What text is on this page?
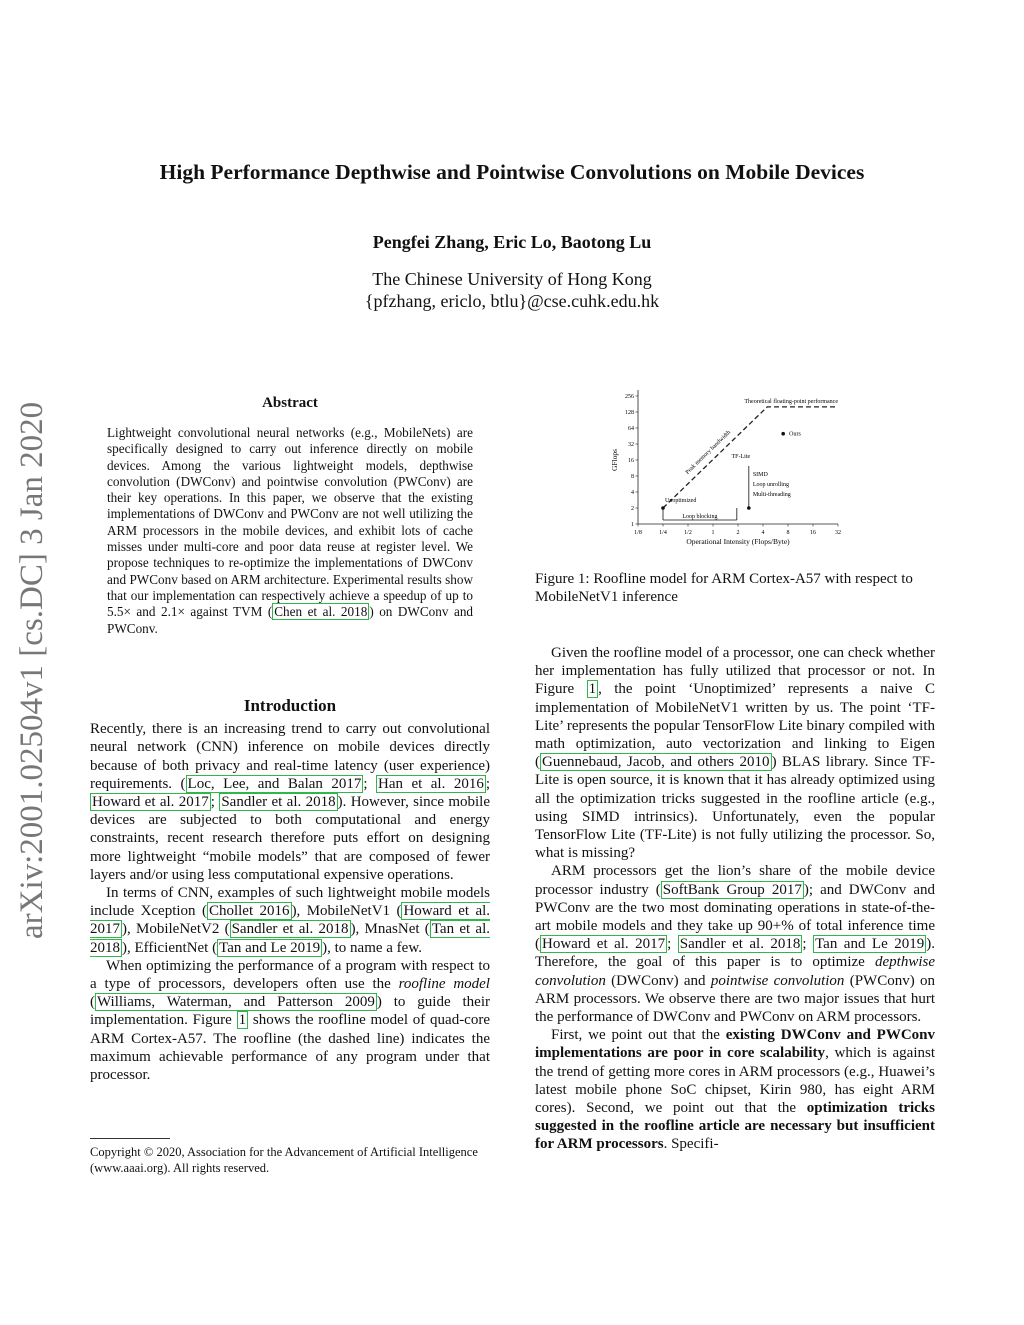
arXiv:2001.02504v1 [cs.DC] 3 Jan 2020
High Performance Depthwise and Pointwise Convolutions on Mobile Devices
Pengfei Zhang, Eric Lo, Baotong Lu
The Chinese University of Hong Kong
{pfzhang, ericlo, btlu}@cse.cuhk.edu.hk
Abstract
Lightweight convolutional neural networks (e.g., MobileNets) are specifically designed to carry out inference directly on mobile devices. Among the various lightweight models, depthwise convolution (DWConv) and pointwise convolution (PWConv) are their key operations. In this paper, we observe that the existing implementations of DWConv and PWConv are not well utilizing the ARM processors in the mobile devices, and exhibit lots of cache misses under multi-core and poor data reuse at register level. We propose techniques to re-optimize the implementations of DWConv and PWConv based on ARM architecture. Experimental results show that our implementation can respectively achieve a speedup of up to 5.5× and 2.1× against TVM ( Chen et al. 2018 ) on DWConv and PWConv.
Introduction

Recently, there is an increasing trend to carry out convolutional neural network (CNN) inference on mobile devices directly because of both privacy and real-time latency (user experience) requirements. ( Loc, Lee, and Balan 2017 ; Han et al. 2016 ; Howard et al. 2017 ; Sandler et al. 2018 ). However, since mobile devices are subjected to both computational and energy constraints, recent research therefore puts effort on designing more lightweight “mobile models” that are composed of fewer layers and/or using less computational expensive operations.

In terms of CNN, examples of such lightweight mobile models include Xception ( Chollet 2016 ), MobileNetV1 ( Howard et al. 2017 ), MobileNetV2 ( Sandler et al. 2018 ), MnasNet ( Tan et al. 2018 ), EfficientNet ( Tan and Le 2019 ), to name a few.

When optimizing the performance of a program with respect to a type of processors, developers often use the roofline model ( Williams, Waterman, and Patterson 2009 ) to guide their implementation. Figure 1 shows the roofline model of quad-core ARM Cortex-A57. The roofline (the dashed line) indicates the maximum achievable performance of any program under that processor.

Copyright © 2020, Association for the Advancement of Artificial Intelligence (www.aaai.org). All rights reserved.
GFlops
Operational Intensity (Flops/Byte)
1/8	1/4	1/2	1	2	4	8	16	32
1
2
4
8
16
32
64
128
256
Peak memory bandwidth
Theoretical floating-point performance
Unoptimized
TF-Lite
Ours
Loop blocking
SIMD
Loop unrolling
Multi-threading
Figure 1: Roofline model for ARM Cortex-A57 with respect to MobileNetV1 inference

Given the roofline model of a processor, one can check whether her implementation has fully utilized that processor or not. In Figure 1 , the point ‘Unoptimized’ represents a naive C implementation of MobileNetV1 written by us. The point ‘TF-Lite’ represents the popular TensorFlow Lite binary compiled with math optimization, auto vectorization and linking to Eigen ( Guennebaud, Jacob, and others 2010 ) BLAS library. Since TF-Lite is open source, it is known that it has already optimized using all the optimization tricks suggested in the roofline article (e.g., using SIMD intrinsics). Unfortunately, even the popular TensorFlow Lite (TF-Lite) is not fully utilizing the processor. So, what is missing?

ARM processors get the lion’s share of the mobile device processor industry ( SoftBank Group 2017 ); and DWConv and PWConv are the two most dominating operations in state-of-the-art mobile models and they take up 90+% of total inference time ( Howard et al. 2017 ; Sandler et al. 2018 ; Tan and Le 2019 ). Therefore, the goal of this paper is to optimize depthwise convolution (DWConv) and pointwise convolution (PWConv) on ARM processors. We observe there are two major issues that hurt the performance of DWConv and PWConv on ARM processors.

First, we point out that the existing DWConv and PWConv implementations are poor in core scalability, which is against the trend of getting more cores in ARM processors (e.g., Huawei’s latest mobile phone SoC chipset, Kirin 980, has eight ARM cores). Second, we point out that the optimization tricks suggested in the roofline article are necessary but insufficient for ARM processors. Specifi-
